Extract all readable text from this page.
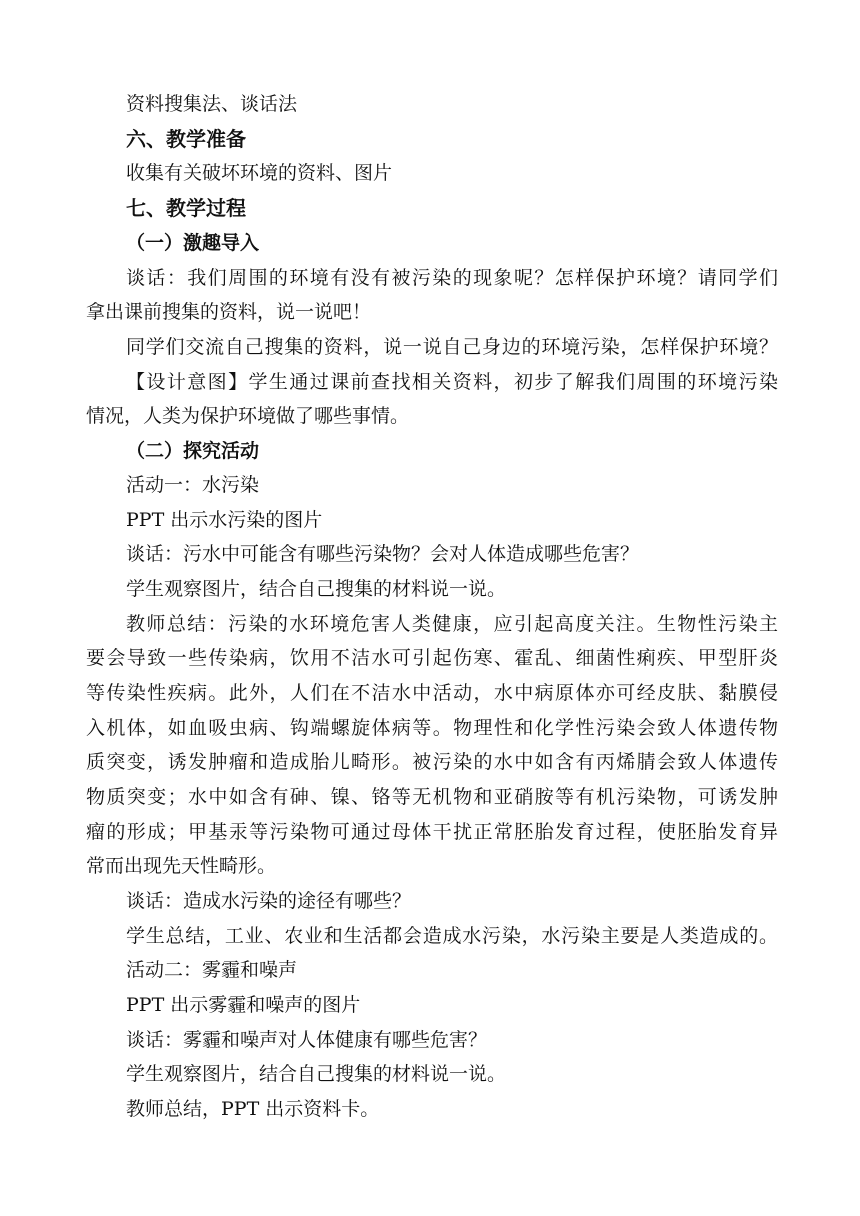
资料搜集法、谈话法
六、教学准备
收集有关破坏环境的资料、图片
七、教学过程
（一）激趣导入
谈话：我们周围的环境有没有被污染的现象呢？怎样保护环境？请同学们
拿出课前搜集的资料，说一说吧！
同学们交流自己搜集的资料，说一说自己身边的环境污染，怎样保护环境？
【设计意图】学生通过课前查找相关资料，初步了解我们周围的环境污染
情况，人类为保护环境做了哪些事情。
（二）探究活动
活动一：水污染
PPT 出示水污染的图片
谈话：污水中可能含有哪些污染物？会对人体造成哪些危害？
学生观察图片，结合自己搜集的材料说一说。
教师总结：污染的水环境危害人类健康，应引起高度关注。生物性污染主
要会导致一些传染病，饮用不洁水可引起伤寒、霍乱、细菌性痢疾、甲型肝炎
等传染性疾病。此外，人们在不洁水中活动，水中病原体亦可经皮肤、黏膜侵
入机体，如血吸虫病、钩端螺旋体病等。物理性和化学性污染会致人体遗传物
质突变，诱发肿瘤和造成胎儿畸形。被污染的水中如含有丙烯腈会致人体遗传
物质突变；水中如含有砷、镍、铬等无机物和亚硝胺等有机污染物，可诱发肿
瘤的形成；甲基汞等污染物可通过母体干扰正常胚胎发育过程，使胚胎发育异
常而出现先天性畸形。
谈话：造成水污染的途径有哪些？
学生总结，工业、农业和生活都会造成水污染，水污染主要是人类造成的。
活动二：雾霾和噪声
PPT 出示雾霾和噪声的图片
谈话：雾霾和噪声对人体健康有哪些危害？
学生观察图片，结合自己搜集的材料说一说。
教师总结，PPT 出示资料卡。
